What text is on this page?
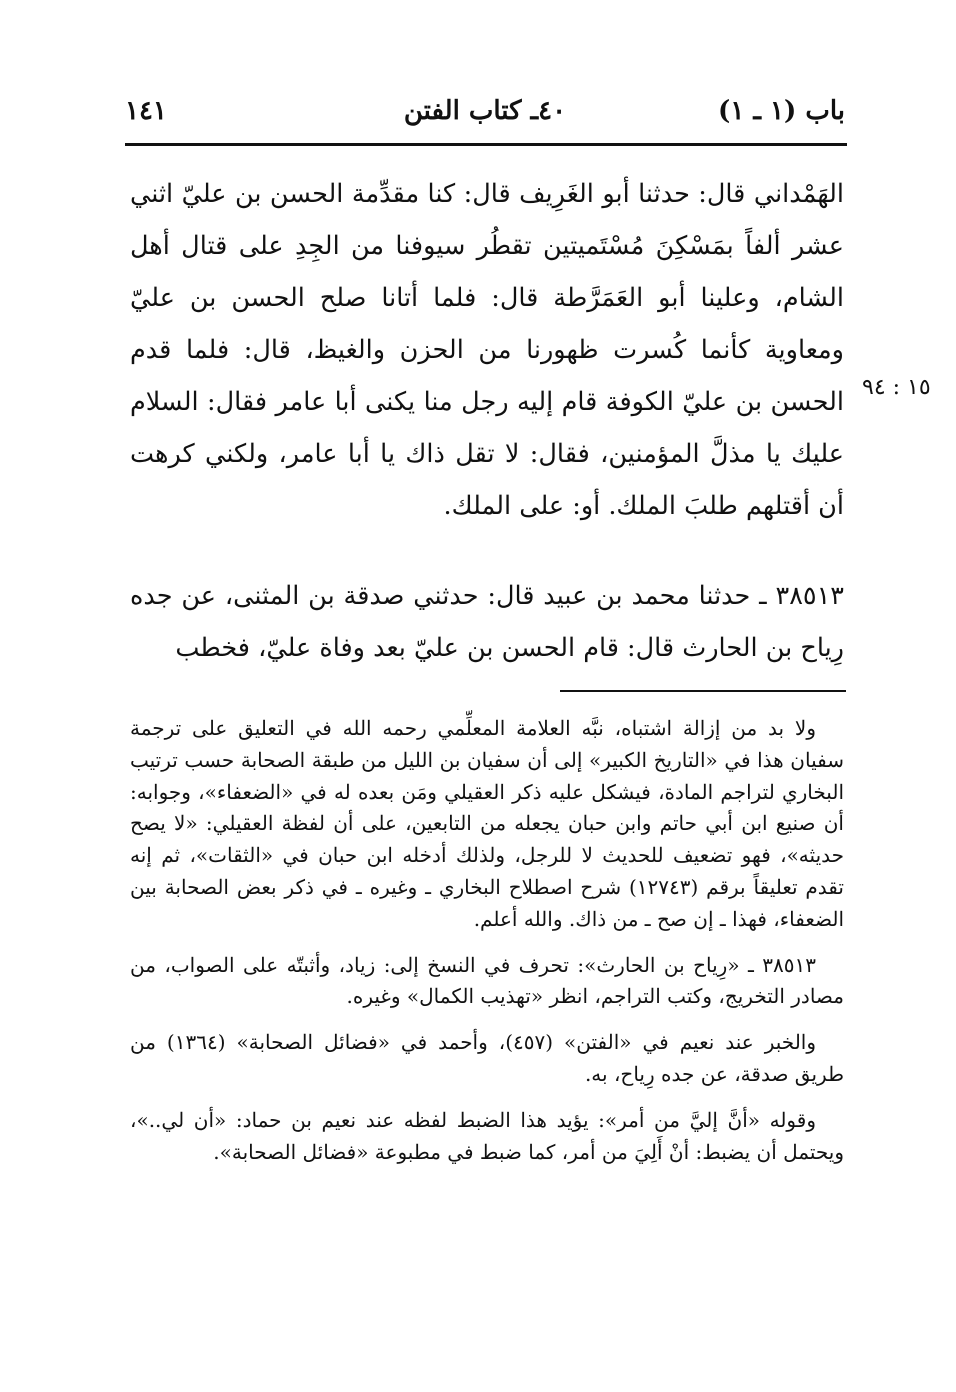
باب (١ ـ ١)
٤٠ـ كتاب الفتن
١٤١
١٥ : ٩٤

الهَمْداني قال: حدثنا أبو الغَرِيف قال: كنا مقدِّمة الحسن بن عليّ اثني عشر ألفاً بمَسْكِنَ مُسْتَميتين تقطُر سيوفنا من الجِدِ على قتال أهل الشام، وعلينا أبو العَمَرَّطة قال: فلما أتانا صلح الحسن بن عليّ ومعاوية كأنما كُسرت ظهورنا من الحزن والغيظ، قال: فلما قدم الحسن بن عليّ الكوفة قام إليه رجل منا يكنى أبا عامر فقال: السلام عليك يا مذلَّ المؤمنين، فقال: لا تقل ذاك يا أبا عامر، ولكني كرهت أن أقتلهم طلبَ الملك. أو: على الملك.

٣٨٥١٣ ـ حدثنا محمد بن عبيد قال: حدثني صدقة بن المثنى، عن جده رِياح بن الحارث قال: قام الحسن بن عليّ بعد وفاة عليّ، فخطب

ولا بد من إزالة اشتباه، نبَّه العلامة المعلِّمي رحمه الله في التعليق على ترجمة سفيان هذا في «التاريخ الكبير» إلى أن سفيان بن الليل من طبقة الصحابة حسب ترتيب البخاري لتراجم المادة، فيشكل عليه ذكر العقيلي ومَن بعده له في «الضعفاء»، وجوابه: أن صنيع ابن أبي حاتم وابن حبان يجعله من التابعين، على أن لفظة العقيلي: «لا يصح حديثه»، فهو تضعيف للحديث لا للرجل، ولذلك أدخله ابن حبان في «الثقات»، ثم إنه تقدم تعليقاً برقم (١٢٧٤٣) شرح اصطلاح البخاري ـ وغيره ـ في ذكر بعض الصحابة بين الضعفاء، فهذا ـ إن صح ـ من ذاك. والله أعلم.

٣٨٥١٣ ـ «رِياح بن الحارث»: تحرف في النسخ إلى: زياد، وأثبتّه على الصواب، من مصادر التخريج، وكتب التراجم، انظر «تهذيب الكمال» وغيره.

والخبر عند نعيم في «الفتن» (٤٥٧)، وأحمد في «فضائل الصحابة» (١٣٦٤) من طريق صدقة، عن جده رِياح، به.

وقوله «أنَّ إليَّ من أمر»: يؤيد هذا الضبط لفظه عند نعيم بن حماد: «أن لي..»، ويحتمل أن يضبط: أنْ أَلِيَ من أمر، كما ضبط في مطبوعة «فضائل الصحابة».
